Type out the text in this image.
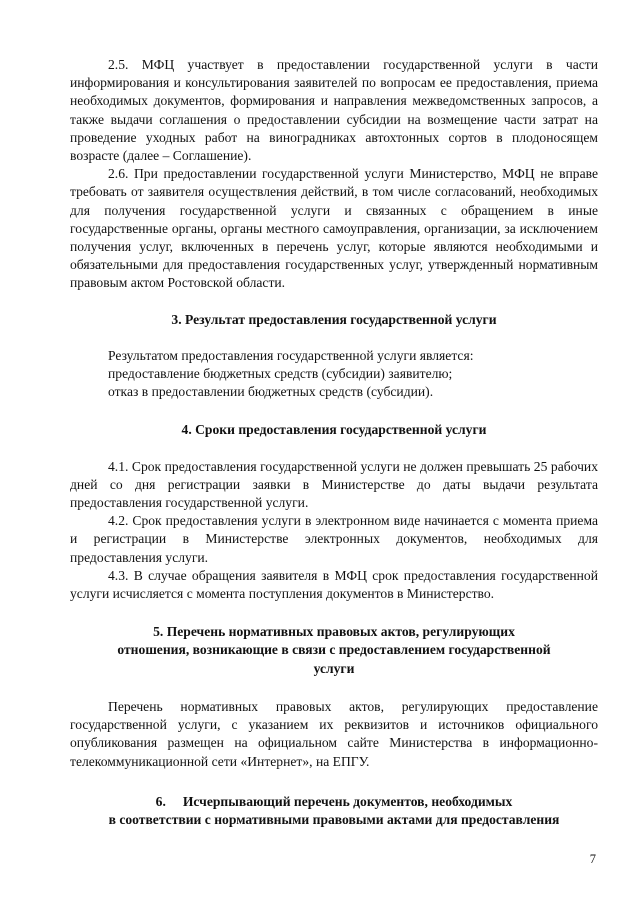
2.5. МФЦ участвует в предоставлении государственной услуги в части информирования и консультирования заявителей по вопросам ее предоставления, приема необходимых документов, формирования и направления межведомственных запросов, а также выдачи соглашения о предоставлении субсидии на возмещение части затрат на проведение уходных работ на виноградниках автохтонных сортов в плодоносящем возрасте (далее – Соглашение).

2.6. При предоставлении государственной услуги Министерство, МФЦ не вправе требовать от заявителя осуществления действий, в том числе согласований, необходимых для получения государственной услуги и связанных с обращением в иные государственные органы, органы местного самоуправления, организации, за исключением получения услуг, включенных в перечень услуг, которые являются необходимыми и обязательными для предоставления государственных услуг, утвержденный нормативным правовым актом Ростовской области.

3. Результат предоставления государственной услуги
Результатом предоставления государственной услуги является:
предоставление бюджетных средств (субсидии) заявителю;
отказ в предоставлении бюджетных средств (субсидии).
4. Сроки предоставления государственной услуги

4.1. Срок предоставления государственной услуги не должен превышать 25 рабочих дней со дня регистрации заявки в Министерстве до даты выдачи результата предоставления государственной услуги.

4.2. Срок предоставления услуги в электронном виде начинается с момента приема и регистрации в Министерстве электронных документов, необходимых для предоставления услуги.

4.3. В случае обращения заявителя в МФЦ срок предоставления государственной услуги исчисляется с момента поступления документов в Министерство.

5. Перечень нормативных правовых актов, регулирующих
отношения, возникающие в связи с предоставлением государственной
услуги

Перечень нормативных правовых актов, регулирующих предоставление государственной услуги, с указанием их реквизитов и источников официального опубликования размещен на официальном сайте Министерства в информационно-телекоммуникационной сети «Интернет», на ЕПГУ.

6.     Исчерпывающий перечень документов, необходимых
в соответствии с нормативными правовыми актами для предоставления
7
